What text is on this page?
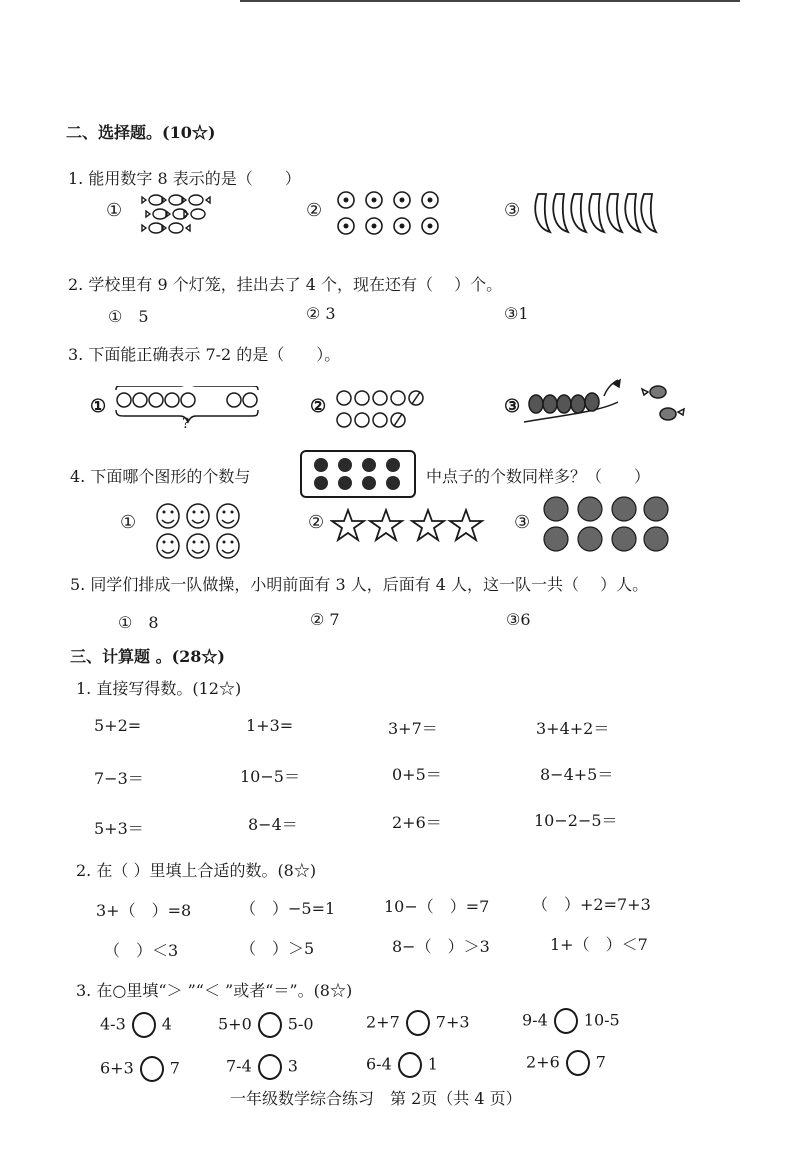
二、选择题。(10☆)
1. 能用数字 8 表示的是（　　）
①	②	③
2. 学校里有 9 个灯笼，挂出去了 4 个，现在还有（　 ）个。
①　5	② 3	③1
3. 下面能正确表示 7-2 的是（　　）。
①
?
②	③
4. 下面哪个图形的个数与	中点子的个数同样多？（　　）
①	②	③
5. 同学们排成一队做操，小明前面有 3 人，后面有 4 人，这一队一共（　 ）人。
①　8	② 7	③6
三、计算题 。(28☆)
1. 直接写得数。(12☆)
5+2=	1+3=	3+7＝	3+4+2＝
7−3＝	10−5＝	0+5＝	8−4+5＝
5+3＝	8−4＝	2+6＝	10−2−5＝
2. 在（ ）里填上合适的数。(8☆)
3+（　）=8	（　）−5=1	10−（　）=7	（　）+2=7+3
（　）＜3	（　）＞5	8−（　）＞3	1+（　）＜7
3. 在○里填“＞ ”“＜ ”或者“＝”。(8☆)
4-3 4	5+0 5-0	2+7 7+3	9-4 10-5
6+3 7	7-4 3	6-4 1	2+6 7
一年级数学综合练习　第 2页（共 4 页）
